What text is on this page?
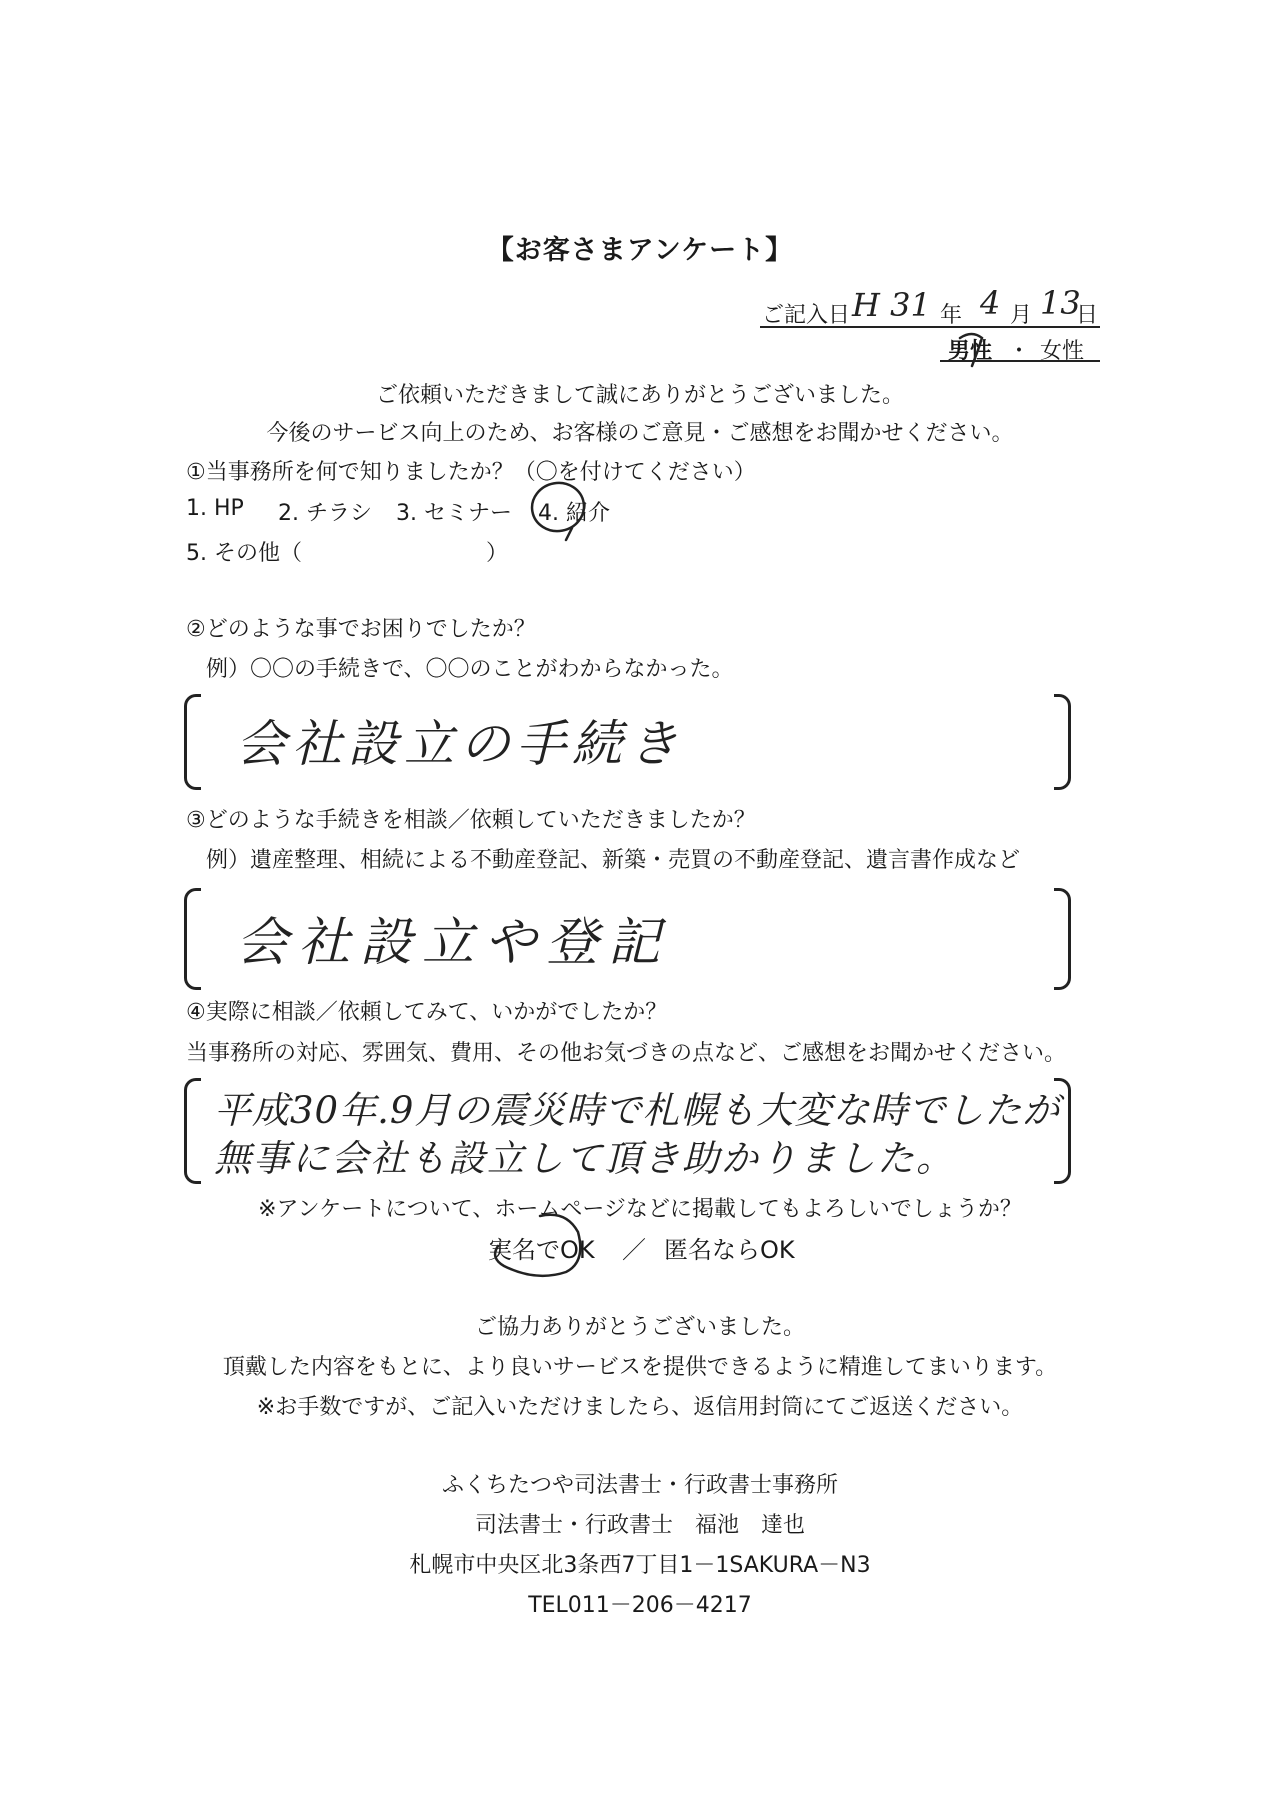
【お客さまアンケート】
ご記入日 H 31 年 4 月 13
日
男性 ・ 女性
ご依頼いただきまして誠にありがとうございました。
今後のサービス向上のため、お客様のご意見・ご感想をお聞かせください。
①当事務所を何で知りましたか？（〇を付けてください）
1. HP 2. チラシ 3. セミナー 4. 紹介
5. その他（	）
②どのような事でお困りでしたか？
例）〇〇の手続きで、〇〇のことがわからなかった。
会社設立の手続き
③どのような手続きを相談／依頼していただきましたか？
例）遺産整理、相続による不動産登記、新築・売買の不動産登記、遺言書作成など
会社設立や登記
④実際に相談／依頼してみて、いかがでしたか？
当事務所の対応、雰囲気、費用、その他お気づきの点など、ご感想をお聞かせください。
平成30年.9月の震災時で札幌も大変な時でしたが
無事に会社も設立して頂き助かりました。
※アンケートについて、ホームページなどに掲載してもよろしいでしょうか？
実名でOK ／ 匿名ならOK
ご協力ありがとうございました。
頂戴した内容をもとに、より良いサービスを提供できるように精進してまいります。
※お手数ですが、ご記入いただけましたら、返信用封筒にてご返送ください。
ふくちたつや司法書士・行政書士事務所
司法書士・行政書士　福池　達也
札幌市中央区北3条西7丁目1－1SAKURA－N3
TEL011－206－4217
